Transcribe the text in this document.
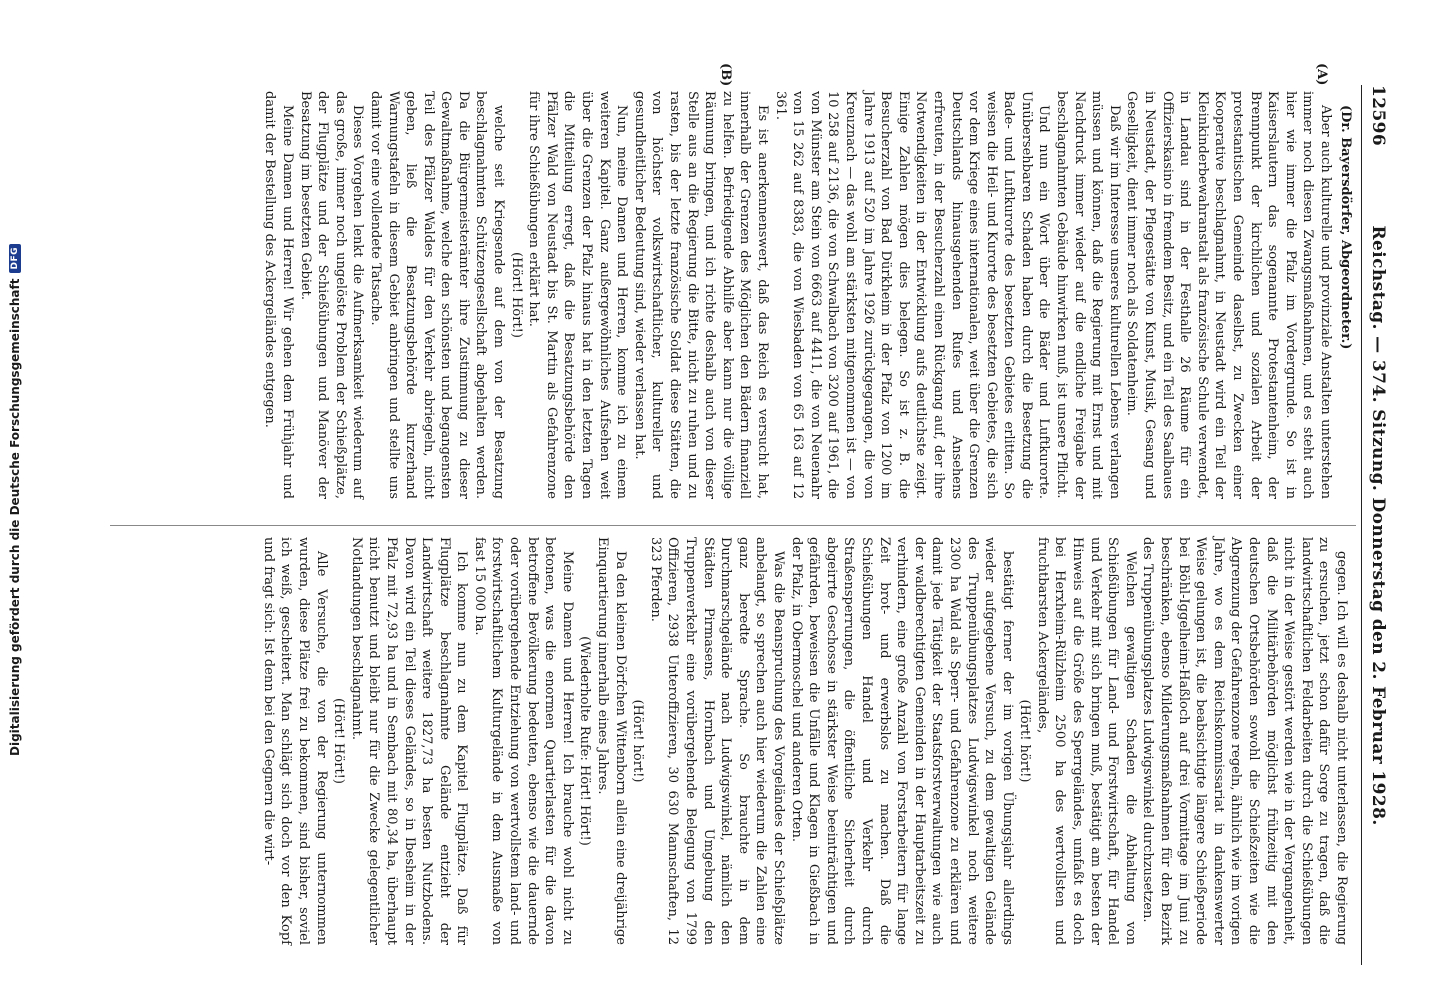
Digitalisierung gefördert durch die Deutsche Forschungsgemeinschaft
DFG
12596
Reichstag. — 374. Sitzung. Donnerstag den 2. Februar 1928.
(Dr. Bayersdörfer, Abgeordneter.)
(A)
(B)

Aber auch kulturelle und provinziale Anstalten unterstehen immer noch diesen Zwangsmaßnahmen, und es steht auch hier wie immer die Pfalz im Vordergrunde. So ist in Kaiserslautern das sogenannte Protestantenheim, der Brennpunkt der kirchlichen und sozialen Arbeit der protestantischen Gemeinde daselbst, zu Zwecken einer Kooperative beschlagnahmt, in Neustadt wird ein Teil der Kleinkinderbewahranstalt als französische Schule verwendet, in Landau sind in der Festhalle 26 Räume für ein Offizierskasino in fremdem Besitz, und ein Teil des Saalbaues in Neustadt, der Pflegestätte von Kunst, Musik, Gesang und Geselligkeit, dient immer noch als Soldatenheim.

Daß wir im Interesse unseres kulturellen Lebens verlangen müssen und können, daß die Regierung mit Ernst und mit Nachdruck immer wieder auf die endliche Freigabe der beschlagnahmten Gebäude hinwirken muß, ist unsere Pflicht.

Und nun ein Wort über die Bäder und Luftkurorte. Unübersehbaren Schaden haben durch die Besetzung die Bade- und Luftkurorte des besetzten Gebietes erlitten. So weisen die Heil- und Kurorte des besetzten Gebietes, die sich vor dem Kriege eines internationalen, weit über die Grenzen Deutschlands hinausgehenden Rufes und Ansehens erfreuten, in der Besucherzahl einen Rückgang auf, der ihre Notwendigkeiten in der Entwicklung aufs deutlichste zeigt. Einige Zahlen mögen dies belegen. So ist z. B. die Besucherzahl von Bad Dürkheim in der Pfalz von 1200 im Jahre 1913 auf 520 im Jahre 1926 zurückgegangen, die von Kreuznach — das wohl am stärksten mitgenommen ist — von 10 258 auf 2136, die von Schwalbach von 3200 auf 1961, die von Münster am Stein von 6663 auf 4411, die von Neuenahr von 15 262 auf 8383, die von Wiesbaden von 65 163 auf 12 361.

Es ist anerkennenswert, daß das Reich es versucht hat, innerhalb der Grenzen des Möglichen den Bädern finanziell zu helfen. Befriedigende Abhilfe aber kann nur die völlige Räumung bringen, und ich richte deshalb auch von dieser Stelle aus an die Regierung die Bitte, nicht zu ruhen und zu rasten, bis der letzte französische Soldat diese Stätten, die von höchster volkswirtschaftlicher, kultureller und gesundheitlicher Bedeutung sind, wieder verlassen hat.

Nun, meine Damen und Herren, komme ich zu einem weiteren Kapitel. Ganz außergewöhnliches Aufsehen weit über die Grenzen der Pfalz hinaus hat in den letzten Tagen die Mitteilung erregt, daß die Besatzungsbehörde den Pfälzer Wald von Neustadt bis St. Martin als Gefahrenzone für ihre Schießübungen erklärt hat.

(Hört! Hört!)

welche seit Kriegsende auf dem von der Besatzung beschlagnahmten Schützengesellschaft abgehalten werden. Da die Bürgermeisterämter ihre Zustimmung zu dieser Gewaltmaßnahme, welche den schönsten und begangensten Teil des Pfälzer Waldes für den Verkehr abriegeln, nicht geben, ließ die Besatzungsbehörde kurzerhand Warnungstafeln in diesem Gebiet anbringen und stellte uns damit vor eine vollendete Tatsache.

Dieses Vorgehen lenkt die Aufmerksamkeit wiederum auf das große, immer noch ungelöste Problem der Schießplätze, der Flugplätze und der Schießübungen und Manöver der Besatzung im besetzten Gebiet.

Meine Damen und Herren! Wir gehen dem Frühjahr und damit der Bestellung des Ackergeländes entgegen.

gegen. Ich will es deshalb nicht unterlassen, die Regierung zu ersuchen, jetzt schon dafür Sorge zu tragen, daß die landwirtschaftlichen Feldarbeiten durch die Schießübungen nicht in der Weise gestört werden wie in der Vergangenheit, daß die Militärbehörden möglichst frühzeitig mit den deutschen Ortsbehörden sowohl die Schießzeiten wie die Abgrenzung der Gefahrenzone regeln, ähnlich wie im vorigen Jahre, wo es dem Reichskommissariat in dankenswerter Weise gelungen ist, die beabsichtigte längere Schießperiode bei Böhl-Iggelheim-Haßloch auf drei Vormittage im Juni zu beschränken, ebenso Milderungsmaßnahmen für den Bezirk des Truppenübungsplatzes Ludwigswinkel durchzusetzen.

Welchen gewaltigen Schaden die Abhaltung von Schießübungen für Land- und Forstwirtschaft, für Handel und Verkehr mit sich bringen muß, bestätigt am besten der Hinweis auf die Größe des Sperrgeländes, umfaßt es doch bei Herxheim-Rülzheim 2500 ha des wertvollsten und fruchtbarsten Ackergeländes,

(Hört! hört!)

bestätigt ferner der im vorigen Übungsjahr allerdings wieder aufgegebene Versuch, zu dem gewaltigen Gelände des Truppenübungsplatzes Ludwigswinkel noch weitere 2300 ha Wald als Sperr- und Gefahrenzone zu erklären und damit jede Tätigkeit der Staatsforstverwaltungen wie auch der waldberechtigten Gemeinden in der Hauptarbeitszeit zu verhindern, eine große Anzahl von Forstarbeitern für lange Zeit brot- und erwerbslos zu machen. Daß die Schießübungen Handel und Verkehr durch Straßensperrungen, die öffentliche Sicherheit durch abgeirrte Geschosse in stärkster Weise beeinträchtigen und gefährden, beweisen die Unfälle und Klagen in Gießbach in der Pfalz, in Obermoschel und anderen Orten.

Was die Beanspruchung des Vorgeländes der Schießplätze anbelangt, so sprechen auch hier wiederum die Zahlen eine ganz beredte Sprache. So brauchte in dem Durchmarschgelände nach Ludwigswinkel, nämlich den Städten Pirmasens, Hornbach und Umgebung den Truppenverkehr eine vorübergehende Belegung von 1799 Offizieren, 2938 Unteroffizieren, 30 630 Mannschaften, 12 323 Pferden.

(Hört! hört!)

Da den kleinen Dörfchen Wittenborn allein eine dreijährige Einquartierung innerhalb eines Jahres.

(Wiederholte Rufe: Hört! Hört!)

Meine Damen und Herren! Ich brauche wohl nicht zu betonen, was die enormen Quartierlasten für die davon betroffene Bevölkerung bedeuten, ebenso wie die dauernde oder vorübergehende Entziehung von wertvollstem land- und forstwirtschaftlichem Kulturgelände in dem Ausmaße von fast 15 000 ha.

Ich komme nun zu dem Kapitel Flugplätze. Daß für Flugplätze beschlagnahmte Gelände entzieht der Landwirtschaft weitere 1827,73 ha besten Nutzbodens. Davon wird ein Teil dieses Geländes, so in Ibesheim in der Pfalz mit 72,93 ha und in Sembach mit 80,34 ha, überhaupt nicht benutzt und bleibt nur für die Zwecke gelegentlicher Notlandungen beschlagnahmt.

(Hört! Hört!)

Alle Versuche, die von der Regierung unternommen wurden, diese Plätze frei zu bekommen, sind bisher, soviel ich weiß, gescheitert. Man schlägt sich doch vor den Kopf und fragt sich: Ist denn bei den Gegnern die wirt-
